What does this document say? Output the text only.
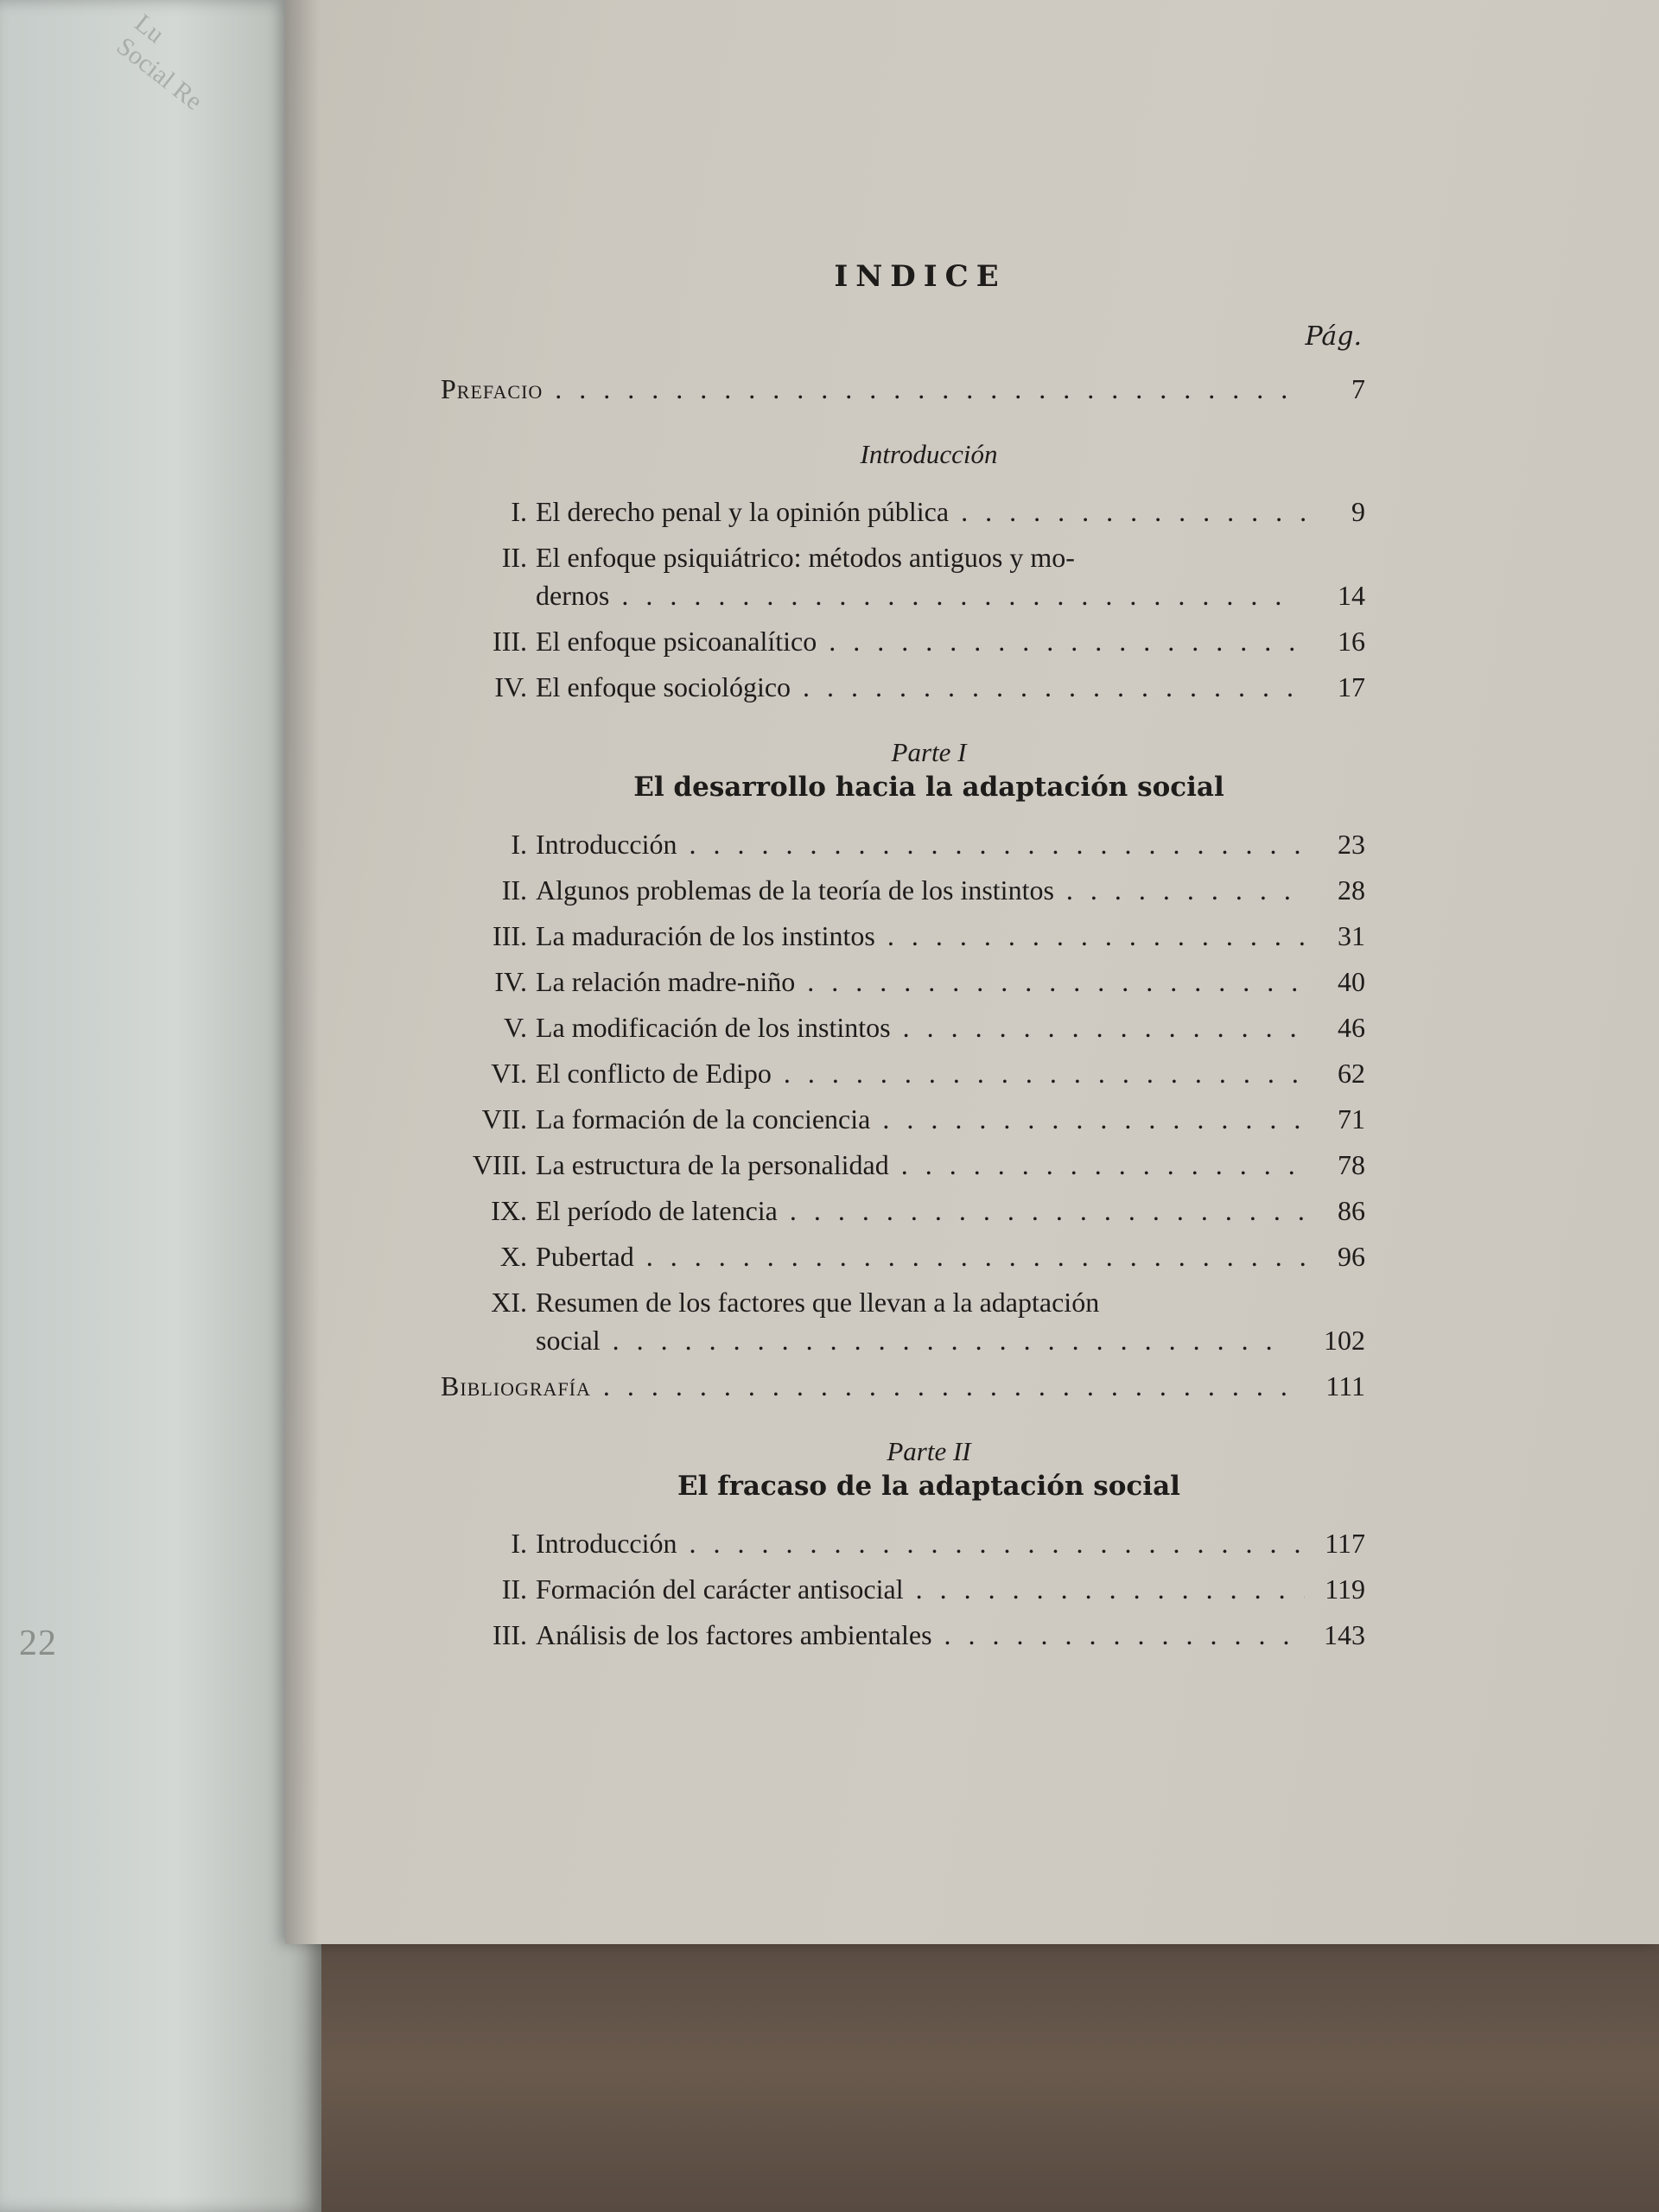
Lu
Social Re
22
INDICE
Pág.
Prefacio . . .	7
Introducción
I. El derecho penal y la opinión pública . . .	9
II. El enfoque psiquiátrico: métodos antiguos y mo-
dernos . . .	14
III. El enfoque psicoanalítico . . .	16
IV. El enfoque sociológico . . .	17
Parte I
El desarrollo hacia la adaptación social
I. Introducción . . .	23
II. Algunos problemas de la teoría de los instintos . . .	28
III. La maduración de los instintos . . .	31
IV. La relación madre-niño . . .	40
V. La modificación de los instintos . . .	46
VI. El conflicto de Edipo . . .	62
VII. La formación de la conciencia . . .	71
VIII. La estructura de la personalidad . . .	78
IX. El período de latencia . . .	86
X. Pubertad . . .	96
XI. Resumen de los factores que llevan a la adaptación
social . . .	102
Bibliografía . . .	111
Parte II
El fracaso de la adaptación social
I. Introducción . . .	117
II. Formación del carácter antisocial . . .	119
III. Análisis de los factores ambientales . . .	143
